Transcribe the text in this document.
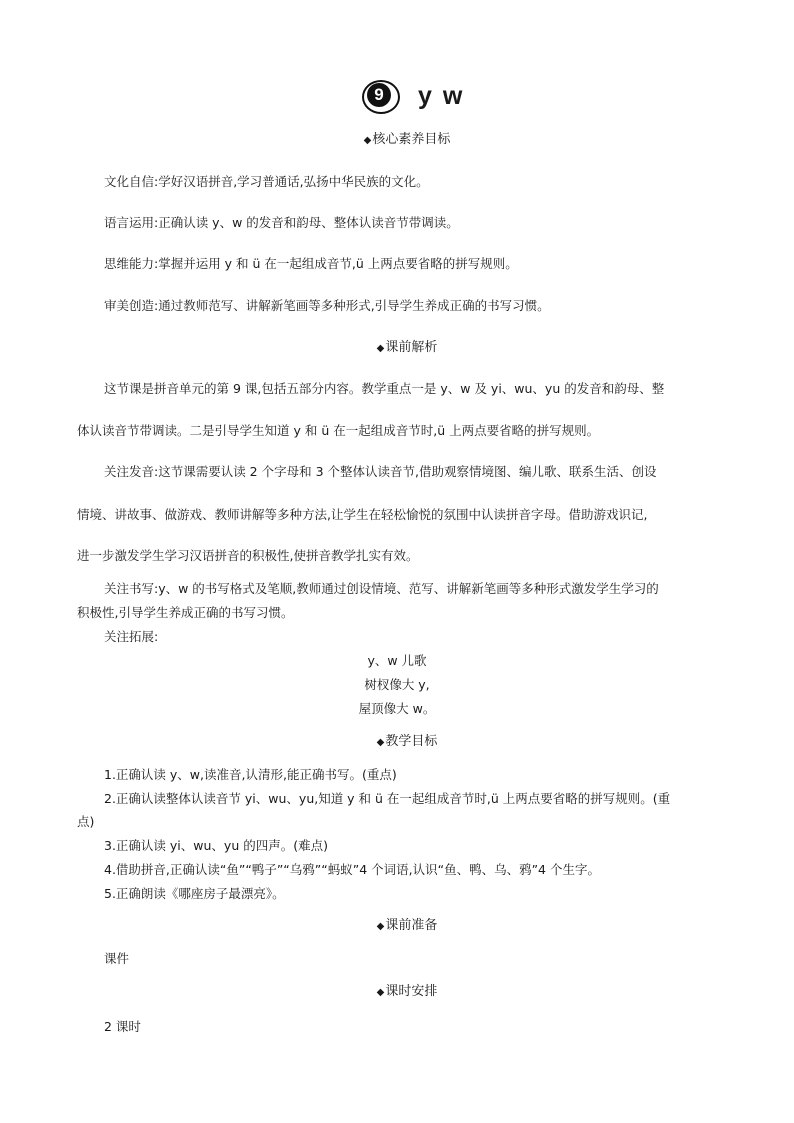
9 y w
◆核心素养目标
文化自信:学好汉语拼音,学习普通话,弘扬中华民族的文化。
语言运用:正确认读 y、w 的发音和韵母、整体认读音节带调读。
思维能力:掌握并运用 y 和 ü 在一起组成音节,ü 上两点要省略的拼写规则。
审美创造:通过教师范写、讲解新笔画等多种形式,引导学生养成正确的书写习惯。
◆课前解析
这节课是拼音单元的第 9 课,包括五部分内容。教学重点一是 y、w 及 yi、wu、yu 的发音和韵母、整
体认读音节带调读。二是引导学生知道 y 和 ü 在一起组成音节时,ü 上两点要省略的拼写规则。
关注发音:这节课需要认读 2 个字母和 3 个整体认读音节,借助观察情境图、编儿歌、联系生活、创设
情境、讲故事、做游戏、教师讲解等多种方法,让学生在轻松愉悦的氛围中认读拼音字母。借助游戏识记,
进一步激发学生学习汉语拼音的积极性,使拼音教学扎实有效。
关注书写:y、w 的书写格式及笔顺,教师通过创设情境、范写、讲解新笔画等多种形式激发学生学习的
积极性,引导学生养成正确的书写习惯。
关注拓展:
y、w 儿歌
树杈像大 y,
屋顶像大 w。
◆教学目标
1.正确认读 y、w,读准音,认清形,能正确书写。(重点)
2.正确认读整体认读音节 yi、wu、yu,知道 y 和 ü 在一起组成音节时,ü 上两点要省略的拼写规则。(重
点)
3.正确认读 yi、wu、yu 的四声。(难点)
4.借助拼音,正确认读“鱼”“鸭子”“乌鸦”“蚂蚁”4 个词语,认识“鱼、鸭、乌、鸦”4 个生字。
5.正确朗读《哪座房子最漂亮》。
◆课前准备
课件
◆课时安排
2 课时
